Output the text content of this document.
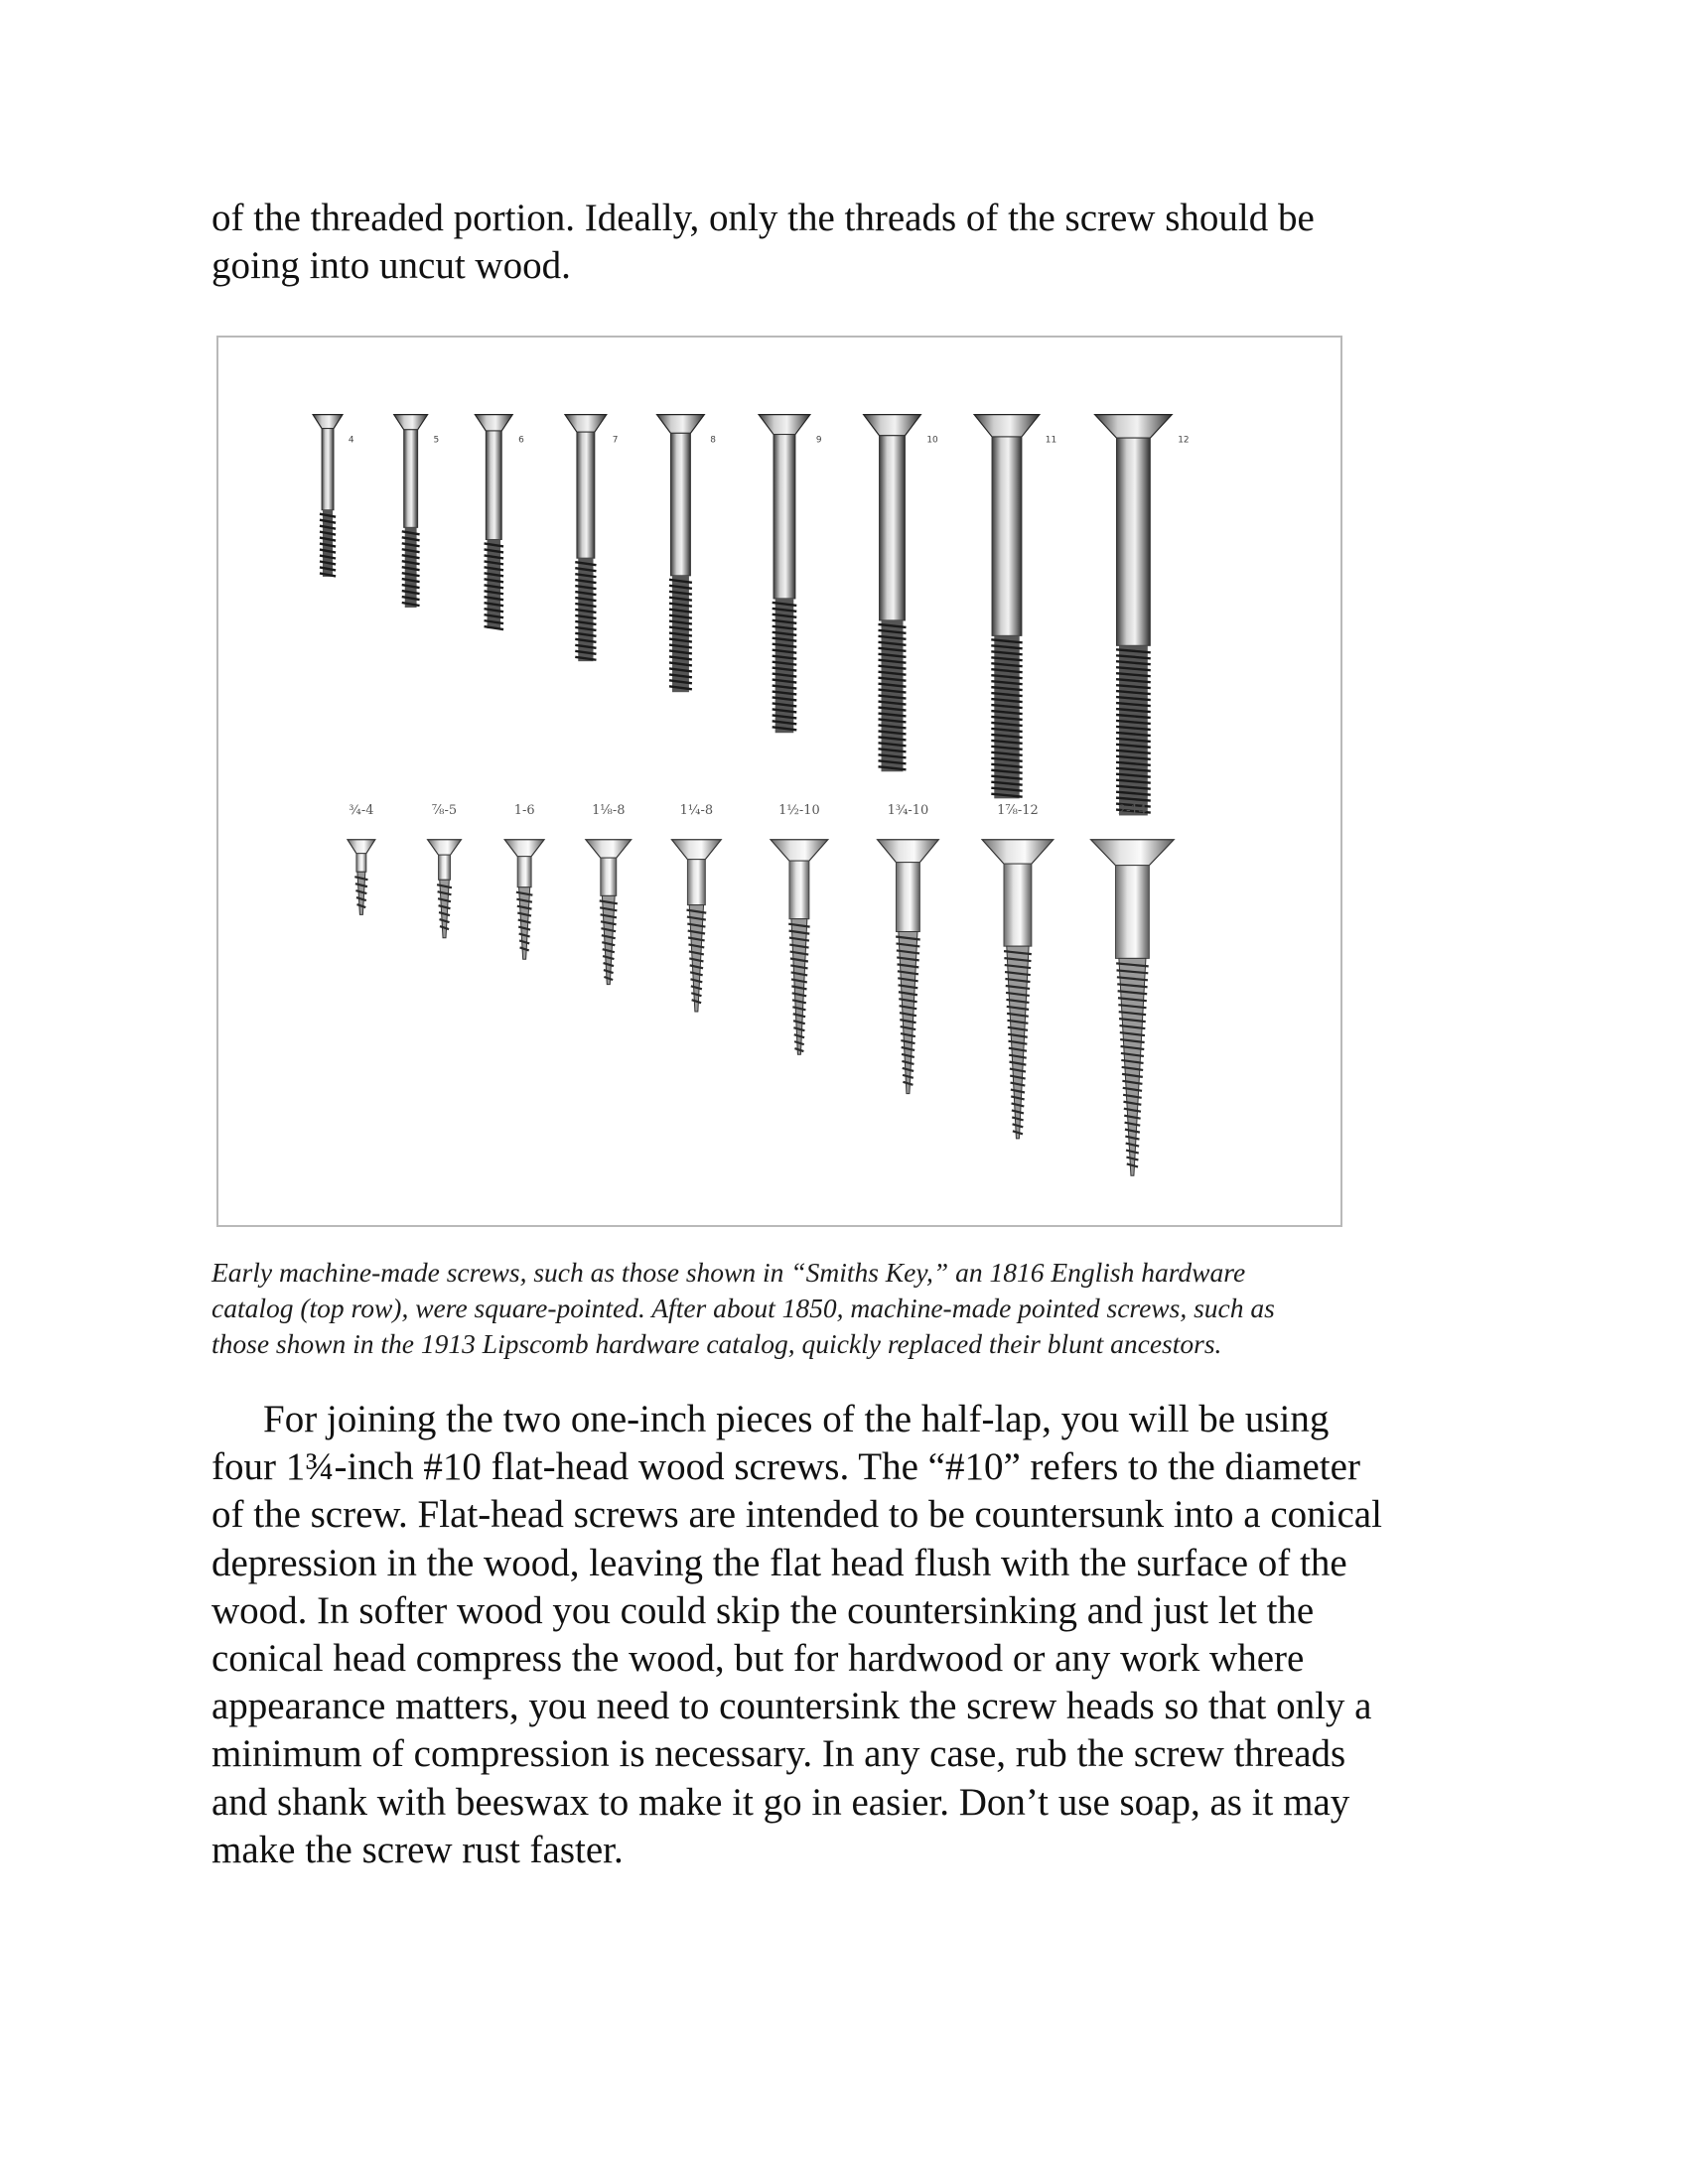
of the threaded portion. Ideally, only the threads of the screw should be
going into uncut wood.
4	5	6	7	8	9	10	11	12
¾-4	⅞-5	1-6	1⅛-8	1¼-8	1½-10	1¾-10	1⅞-12	2-14
Early machine-made screws, such as those shown in “Smiths Key,” an 1816 English hardware
catalog (top row), were square-pointed. After about 1850, machine-made pointed screws, such as
those shown in the 1913 Lipscomb hardware catalog, quickly replaced their blunt ancestors.
For joining the two one-inch pieces of the half-lap, you will be using
four 1¾-inch #10 flat-head wood screws. The “#10” refers to the diameter
of the screw. Flat-head screws are intended to be countersunk into a conical
depression in the wood, leaving the flat head flush with the surface of the
wood. In softer wood you could skip the countersinking and just let the
conical head compress the wood, but for hardwood or any work where
appearance matters, you need to countersink the screw heads so that only a
minimum of compression is necessary. In any case, rub the screw threads
and shank with beeswax to make it go in easier. Don’t use soap, as it may
make the screw rust faster.
